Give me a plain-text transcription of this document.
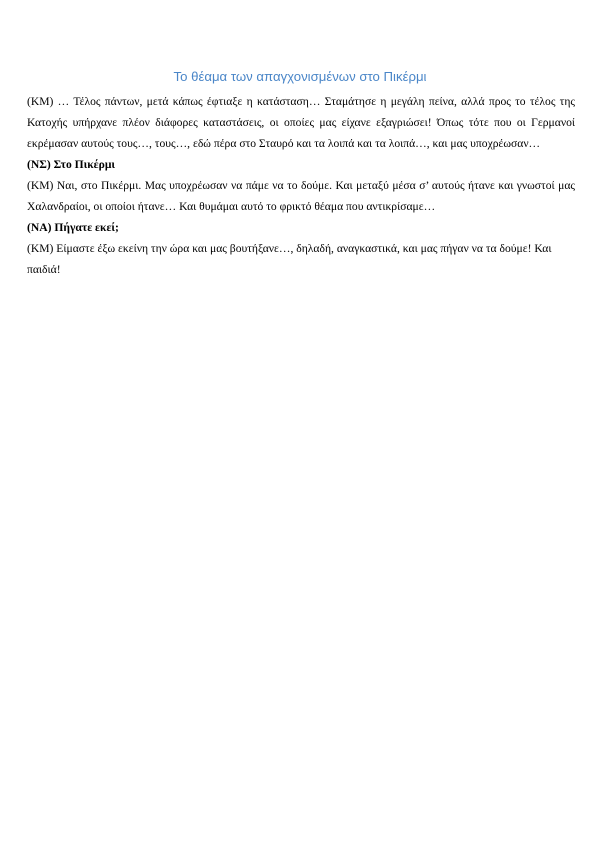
Το θέαμα των απαγχονισμένων στο Πικέρμι

(ΚΜ) … Τέλος πάντων, μετά κάπως έφτιαξε η κατάσταση… Σταμάτησε η μεγάλη πείνα, αλλά προς το τέλος της Κατοχής υπήρχανε πλέον διάφορες καταστάσεις, οι οποίες μας είχανε εξαγριώσει! Όπως τότε που οι Γερμανοί εκρέμασαν αυτούς τους…, τους…, εδώ πέρα στο Σταυρό και τα λοιπά και τα λοιπά…, και μας υποχρέωσαν…

(ΝΣ) Στο Πικέρμι

(ΚΜ) Ναι, στο Πικέρμι. Μας υποχρέωσαν να πάμε να το δούμε. Και μεταξύ μέσα σ’ αυτούς ήτανε και γνωστοί μας Χαλανδραίοι, οι οποίοι ήτανε… Και θυμάμαι αυτό το φρικτό θέαμα που αντικρίσαμε…

(ΝΑ) Πήγατε εκεί;

(ΚΜ) Είμαστε έξω εκείνη την ώρα και μας βουτήξανε…, δηλαδή, αναγκαστικά, και μας πήγαν να τα δούμε! Και παιδιά!
